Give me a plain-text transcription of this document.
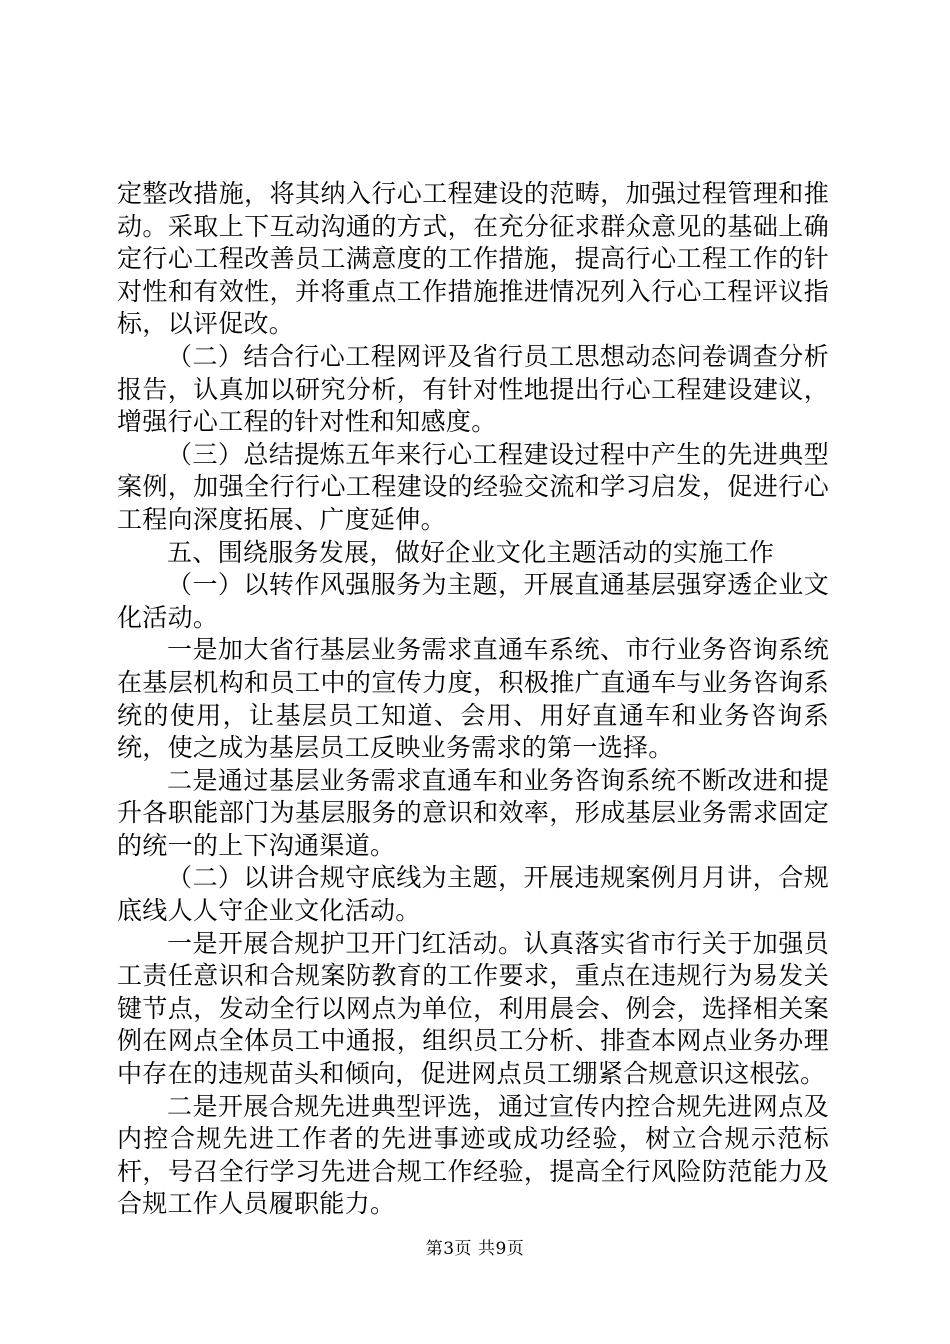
定整改措施，将其纳入行心工程建设的范畴，加强过程管理和推动。采取上下互动沟通的方式，在充分征求群众意见的基础上确定行心工程改善员工满意度的工作措施，提高行心工程工作的针对性和有效性，并将重点工作措施推进情况列入行心工程评议指标，以评促改。

（二）结合行心工程网评及省行员工思想动态问卷调查分析报告，认真加以研究分析，有针对性地提出行心工程建设建议，增强行心工程的针对性和知感度。

（三）总结提炼五年来行心工程建设过程中产生的先进典型案例，加强全行行心工程建设的经验交流和学习启发，促进行心工程向深度拓展、广度延伸。

五、围绕服务发展，做好企业文化主题活动的实施工作

（一）以转作风强服务为主题，开展直通基层强穿透企业文化活动。

一是加大省行基层业务需求直通车系统、市行业务咨询系统在基层机构和员工中的宣传力度，积极推广直通车与业务咨询系统的使用，让基层员工知道、会用、用好直通车和业务咨询系统，使之成为基层员工反映业务需求的第一选择。

二是通过基层业务需求直通车和业务咨询系统不断改进和提升各职能部门为基层服务的意识和效率，形成基层业务需求固定的统一的上下沟通渠道。

（二）以讲合规守底线为主题，开展违规案例月月讲，合规底线人人守企业文化活动。

一是开展合规护卫开门红活动。认真落实省市行关于加强员工责任意识和合规案防教育的工作要求，重点在违规行为易发关键节点，发动全行以网点为单位，利用晨会、例会，选择相关案例在网点全体员工中通报，组织员工分析、排查本网点业务办理中存在的违规苗头和倾向，促进网点员工绷紧合规意识这根弦。

二是开展合规先进典型评选，通过宣传内控合规先进网点及内控合规先进工作者的先进事迹或成功经验，树立合规示范标杆，号召全行学习先进合规工作经验，提高全行风险防范能力及合规工作人员履职能力。

第3页 共9页
